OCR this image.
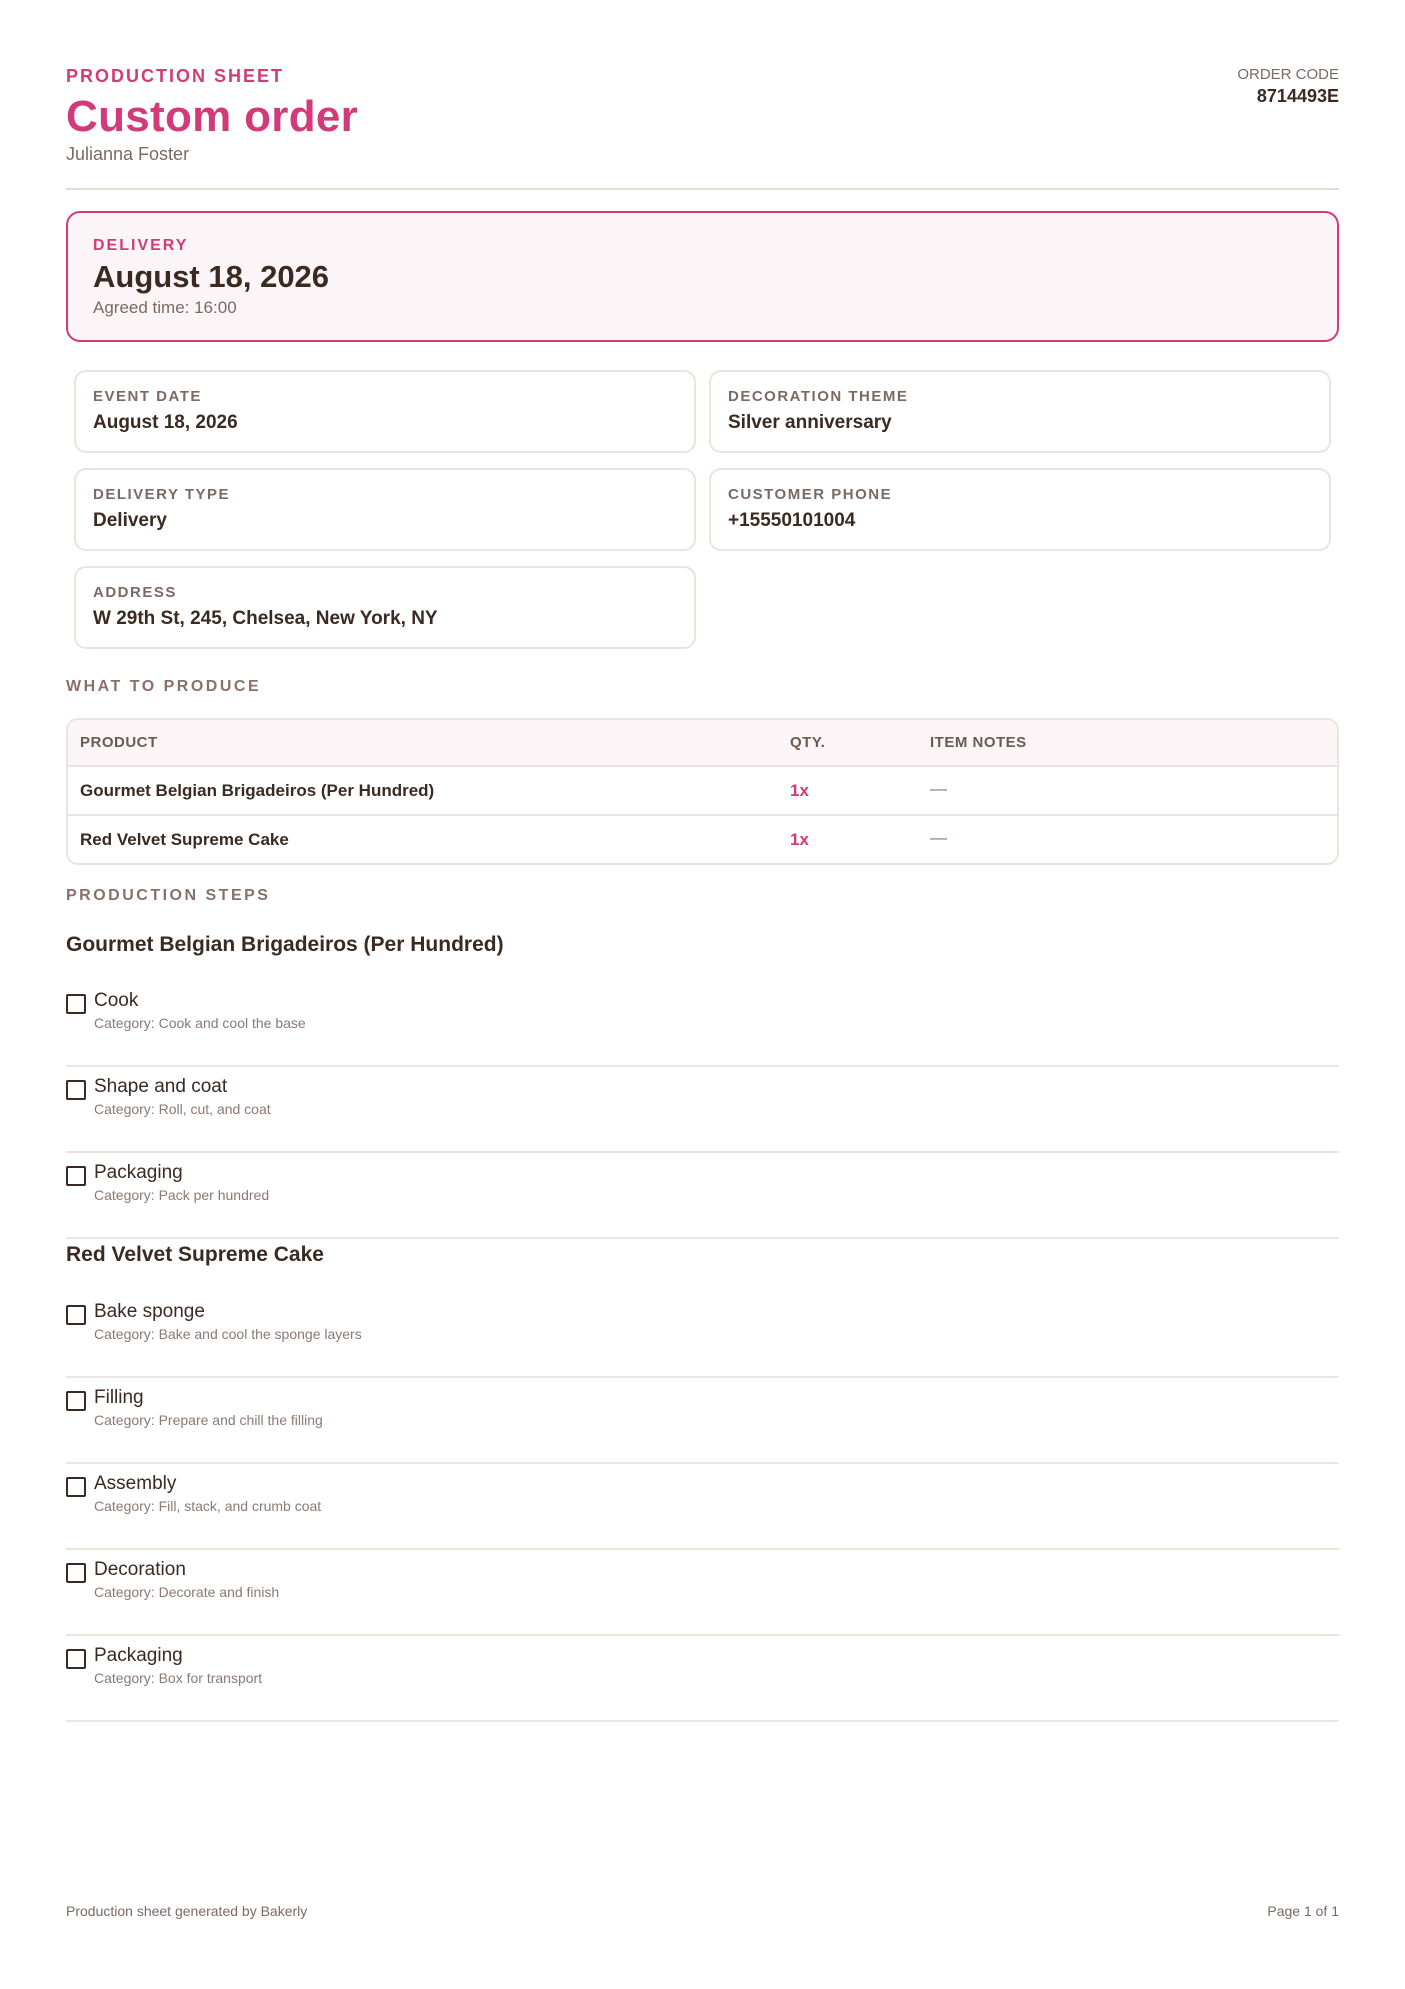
PRODUCTION SHEET
Custom order
Julianna Foster
ORDER CODE
8714493E
DELIVERY
August 18, 2026
Agreed time: 16:00
EVENT DATE
August 18, 2026
DECORATION THEME
Silver anniversary
DELIVERY TYPE
Delivery
CUSTOMER PHONE
+15550101004
ADDRESS
W 29th St, 245, Chelsea, New York, NY
WHAT TO PRODUCE
PRODUCT	QTY.	ITEM NOTES
Gourmet Belgian Brigadeiros (Per Hundred)	1x	—
Red Velvet Supreme Cake	1x	—
PRODUCTION STEPS
Gourmet Belgian Brigadeiros (Per Hundred)
Cook
Category: Cook and cool the base
Shape and coat
Category: Roll, cut, and coat
Packaging
Category: Pack per hundred
Red Velvet Supreme Cake
Bake sponge
Category: Bake and cool the sponge layers
Filling
Category: Prepare and chill the filling
Assembly
Category: Fill, stack, and crumb coat
Decoration
Category: Decorate and finish
Packaging
Category: Box for transport
Production sheet generated by Bakerly	Page 1 of 1
